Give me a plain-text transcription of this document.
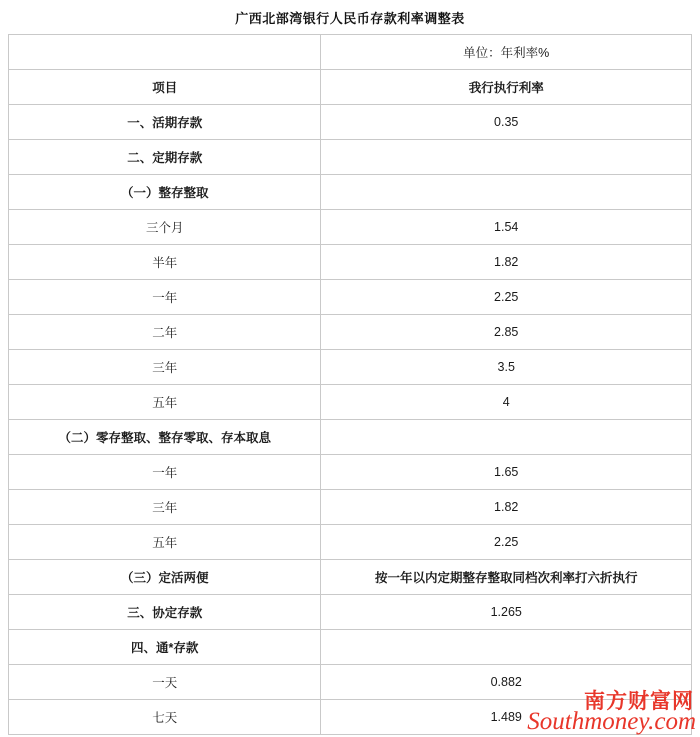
广西北部湾银行人民币存款利率调整表
	单位：年利率%
项目	我行执行利率
一、活期存款	0.35
二、定期存款	
（一）整存整取	
三个月	1.54
半年	1.82
一年	2.25
二年	2.85
三年	3.5
五年	4
（二）零存整取、整存零取、存本取息	
一年	1.65
三年	1.82
五年	2.25
（三）定活两便	按一年以内定期整存整取同档次利率打六折执行
三、协定存款	1.265
四、通*存款	
一天	0.882
七天	1.489
南方财富网
Southmoney.com
